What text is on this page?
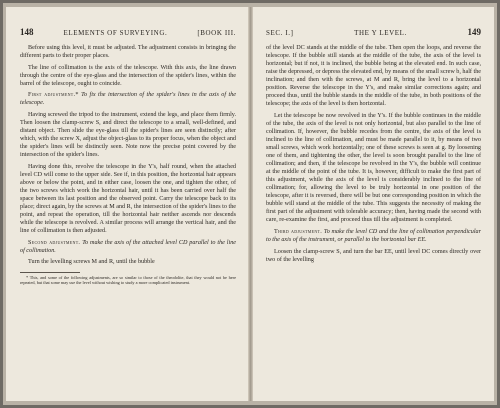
148	ELEMENTS OF SURVEYING.	[BOOK III.

Before using this level, it must be adjusted. The adjustment consists in bringing the different parts to their proper places.

The line of collimation is the axis of the telescope. With this axis, the line drawn through the centre of the eye-glass and the intersection of the spider's lines, within the barrel of the telescope, ought to coincide.

First adjustment.* To fix the intersection of the spider's lines in the axis of the telescope.

Having screwed the tripod to the instrument, extend the legs, and place them firmly. Then loosen the clamp-screw S, and direct the telescope to a small, well-defined, and distant object. Then slide the eye-glass till the spider's lines are seen distinctly; after which, with the screw X, adjust the object-glass to its proper focus, when the object and the spider's lines will be distinctly seen. Note now the precise point covered by the intersection of the spider's lines.

Having done this, revolve the telescope in the Y's, half round, when the attached level CD will come to the upper side. See if, in this position, the horizontal hair appears above or below the point, and in either case, loosen the one, and tighten the other, of the two screws which work the horizontal hair, until it has been carried over half the space between its last position and the observed point. Carry the telescope back to its place; direct again, by the screws at M and R, the intersection of the spider's lines to the point, and repeat the operation, till the horizontal hair neither ascends nor descends while the telescope is revolved. A similar process will arrange the vertical hair, and the line of collimation is then adjusted.

Second adjustment. To make the axis of the attached level CD parallel to the line of collimation.

Turn the levelling screws M and R, until the bubble

* This, and some of the following adjustments, are so similar to those of the theodolite, that they would not be here repeated, but that some may use the level without wishing to study a more complicated instrument.

SEC. I.]	THE Y LEVEL.	149

of the level DC stands at the middle of the tube. Then open the loops, and reverse the telescope. If the bubble still stands at the middle of the tube, the axis of the level is horizontal; but if not, it is inclined, the bubble being at the elevated end. In such case, raise the depressed, or depress the elevated end, by means of the small screw b, half the inclination; and then with the screws, at M and R, bring the level to a horizontal position. Reverse the telescope in the Y's, and make similar corrections again; and proceed thus, until the bubble stands in the middle of the tube, in both positions of the telescope; the axis of the level is then horizontal.

Let the telescope be now revolved in the Y's. If the bubble continues in the middle of the tube, the axis of the level is not only horizontal, but also parallel to the line of collimation. If, however, the bubble recedes from the centre, the axis of the level is inclined to the line of collimation, and must be made parallel to it, by means of two small screws, which work horizontally; one of these screws is seen at g. By loosening one of them, and tightening the other, the level is soon brought parallel to the line of collimation; and then, if the telescope be revolved in the Y's, the bubble will continue at the middle of the point of the tube. It is, however, difficult to make the first part of this adjustment, while the axis of the level is considerably inclined to the line of collimation; for, allowing the level to be truly horizontal in one position of the telescope, after it is reversed, there will be but one corresponding position in which the bubble will stand at the middle of the tube. This suggests the necessity of making the first part of the adjustment with tolerable accuracy; then, having made the second with care, re-examine the first, and proceed thus till the adjustment is completed.

Third adjustment. To make the level CD and the line of collimation perpendicular to the axis of the instrument, or parallel to the horizontal bar EE.

Loosen the clamp-screw S, and turn the bar EE, until level DC comes directly over two of the levelling
